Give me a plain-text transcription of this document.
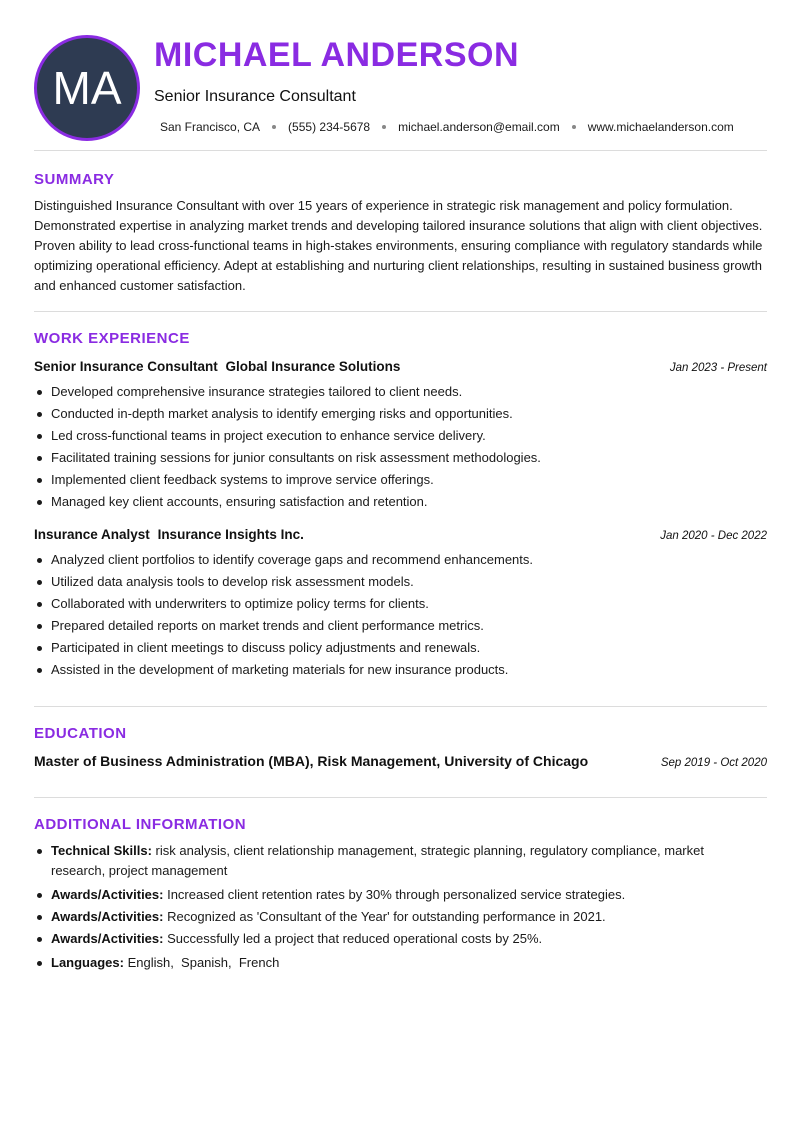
MA
MICHAEL ANDERSON

Senior Insurance Consultant

San Francisco, CA (555) 234-5678 michael.anderson@email.com www.michaelanderson.com
SUMMARY

Distinguished Insurance Consultant with over 15 years of experience in strategic risk management and policy formulation. Demonstrated expertise in analyzing market trends and developing tailored insurance solutions that align with client objectives. Proven ability to lead cross-functional teams in high-stakes environments, ensuring compliance with regulatory standards while optimizing operational efficiency. Adept at establishing and nurturing client relationships, resulting in sustained business growth and enhanced customer satisfaction.

WORK EXPERIENCE
Senior Insurance Consultant Global Insurance Solutions	Jan 2023 - Present
Developed comprehensive insurance strategies tailored to client needs.
Conducted in-depth market analysis to identify emerging risks and opportunities.
Led cross-functional teams in project execution to enhance service delivery.
Facilitated training sessions for junior consultants on risk assessment methodologies.
Implemented client feedback systems to improve service offerings.
Managed key client accounts, ensuring satisfaction and retention.
Insurance Analyst Insurance Insights Inc.	Jan 2020 - Dec 2022
Analyzed client portfolios to identify coverage gaps and recommend enhancements.
Utilized data analysis tools to develop risk assessment models.
Collaborated with underwriters to optimize policy terms for clients.
Prepared detailed reports on market trends and client performance metrics.
Participated in client meetings to discuss policy adjustments and renewals.
Assisted in the development of marketing materials for new insurance products.
EDUCATION
Master of Business Administration (MBA), Risk Management, University of Chicago	Sep 2019 - Oct 2020
ADDITIONAL INFORMATION
Technical Skills: risk analysis, client relationship management, strategic planning, regulatory compliance, market research, project management
Awards/Activities: Increased client retention rates by 30% through personalized service strategies.
Awards/Activities: Recognized as 'Consultant of the Year' for outstanding performance in 2021.
Awards/Activities: Successfully led a project that reduced operational costs by 25%.
Languages: English,  Spanish,  French
